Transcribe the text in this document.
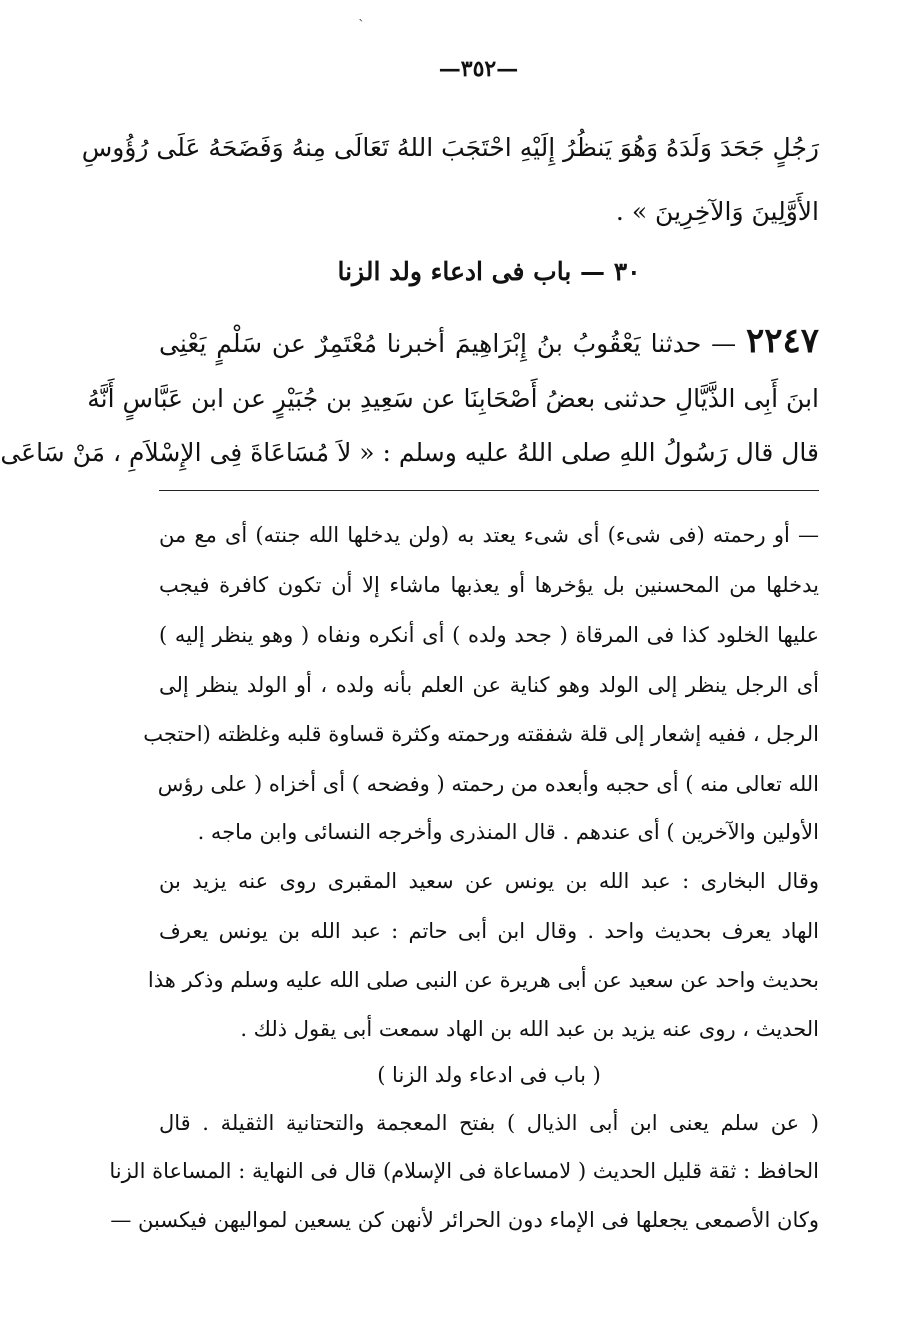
ˋ
—٣٥٢—
رَجُلٍ جَحَدَ وَلَدَهُ وَهُوَ يَنظُرُ إِلَيْهِ احْتَجَبَ اللهُ تَعَالَى مِنهُ وَفَضَحَهُ عَلَى رُؤُوسِ
الأَوَّلِينَ وَالآخِرِينَ » .
٣٠ — باب فى ادعاء ولد الزنا
٢٢٤٧ — حدثنا يَعْقُوبُ بنُ إِبْرَاهِيمَ أخبرنا مُعْتَمِرٌ عن سَلْمٍ يَعْنِى
ابنَ أَبِى الذَّيَّالِ حدثنى بعضُ أَصْحَابِنَا عن سَعِيدِ بن جُبَيْرٍ عن ابن عَبَّاسٍ أَنَّهُ
قال قال رَسُولُ اللهِ صلى اللهُ عليه وسلم : « لاَ مُسَاعَاةَ فِى الإِسْلاَمِ ، مَنْ سَاعَى
— أو رحمته (فى شىء) أى شىء يعتد به (ولن يدخلها الله جنته) أى مع من
يدخلها من المحسنين بل يؤخرها أو يعذبها ماشاء إلا أن تكون كافرة فيجب
عليها الخلود كذا فى المرقاة ( جحد ولده ) أى أنكره ونفاه ( وهو ينظر إليه )
أى الرجل ينظر إلى الولد وهو كناية عن العلم بأنه ولده ، أو الولد ينظر إلى
الرجل ، ففيه إشعار إلى قلة شفقته ورحمته وكثرة قساوة قلبه وغلظته (احتجب
الله تعالى منه ) أى حجبه وأبعده من رحمته ( وفضحه ) أى أخزاه ( على رؤس
الأولين والآخرين ) أى عندهم . قال المنذرى وأخرجه النسائى وابن ماجه .
وقال البخارى : عبد الله بن يونس عن سعيد المقبرى روى عنه يزيد بن
الهاد يعرف بحديث واحد . وقال ابن أبى حاتم : عبد الله بن يونس يعرف
بحديث واحد عن سعيد عن أبى هريرة عن النبى صلى الله عليه وسلم وذكر هذا
الحديث ، روى عنه يزيد بن عبد الله بن الهاد سمعت أبى يقول ذلك .
( باب فى ادعاء ولد الزنا )
( عن سلم يعنى ابن أبى الذيال ) بفتح المعجمة والتحتانية الثقيلة . قال
الحافظ : ثقة قليل الحديث ( لامساعاة فى الإسلام) قال فى النهاية : المساعاة الزنا
وكان الأصمعى يجعلها فى الإماء دون الحرائر لأنهن كن يسعين لمواليهن فيكسبن —
